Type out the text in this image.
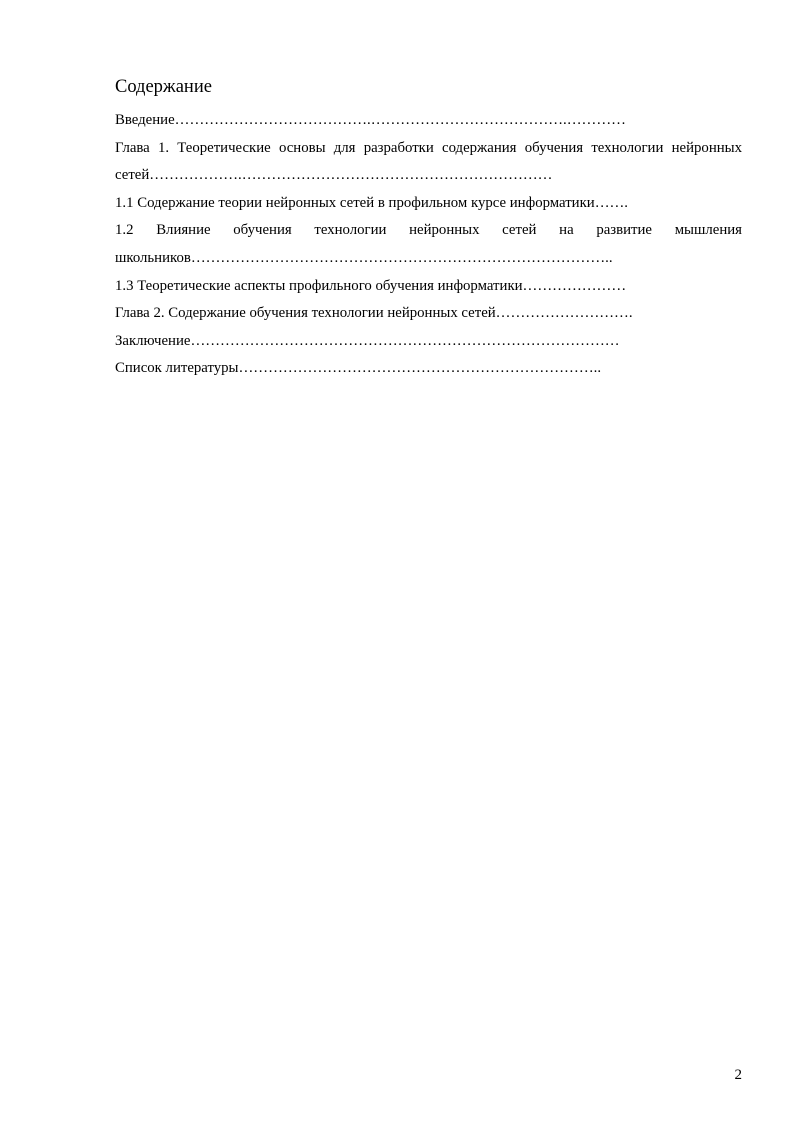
Содержание

Введение………………………………….………………………………….…………

Глава 1. Теоретические основы для разработки содержания обучения технологии нейронных сетей……………….………………………………………………………

1.1 Содержание теории нейронных сетей в профильном курсе информатики…….

1.2 Влияние обучения технологии нейронных сетей на развитие мышления школьников…………………………………………………………………………..

1.3 Теоретические аспекты профильного обучения информатики…………………

Глава 2. Содержание обучения технологии нейронных сетей……………………….

Заключение……………………………………………………………………………

Список литературы………………………………………………………………..

2
